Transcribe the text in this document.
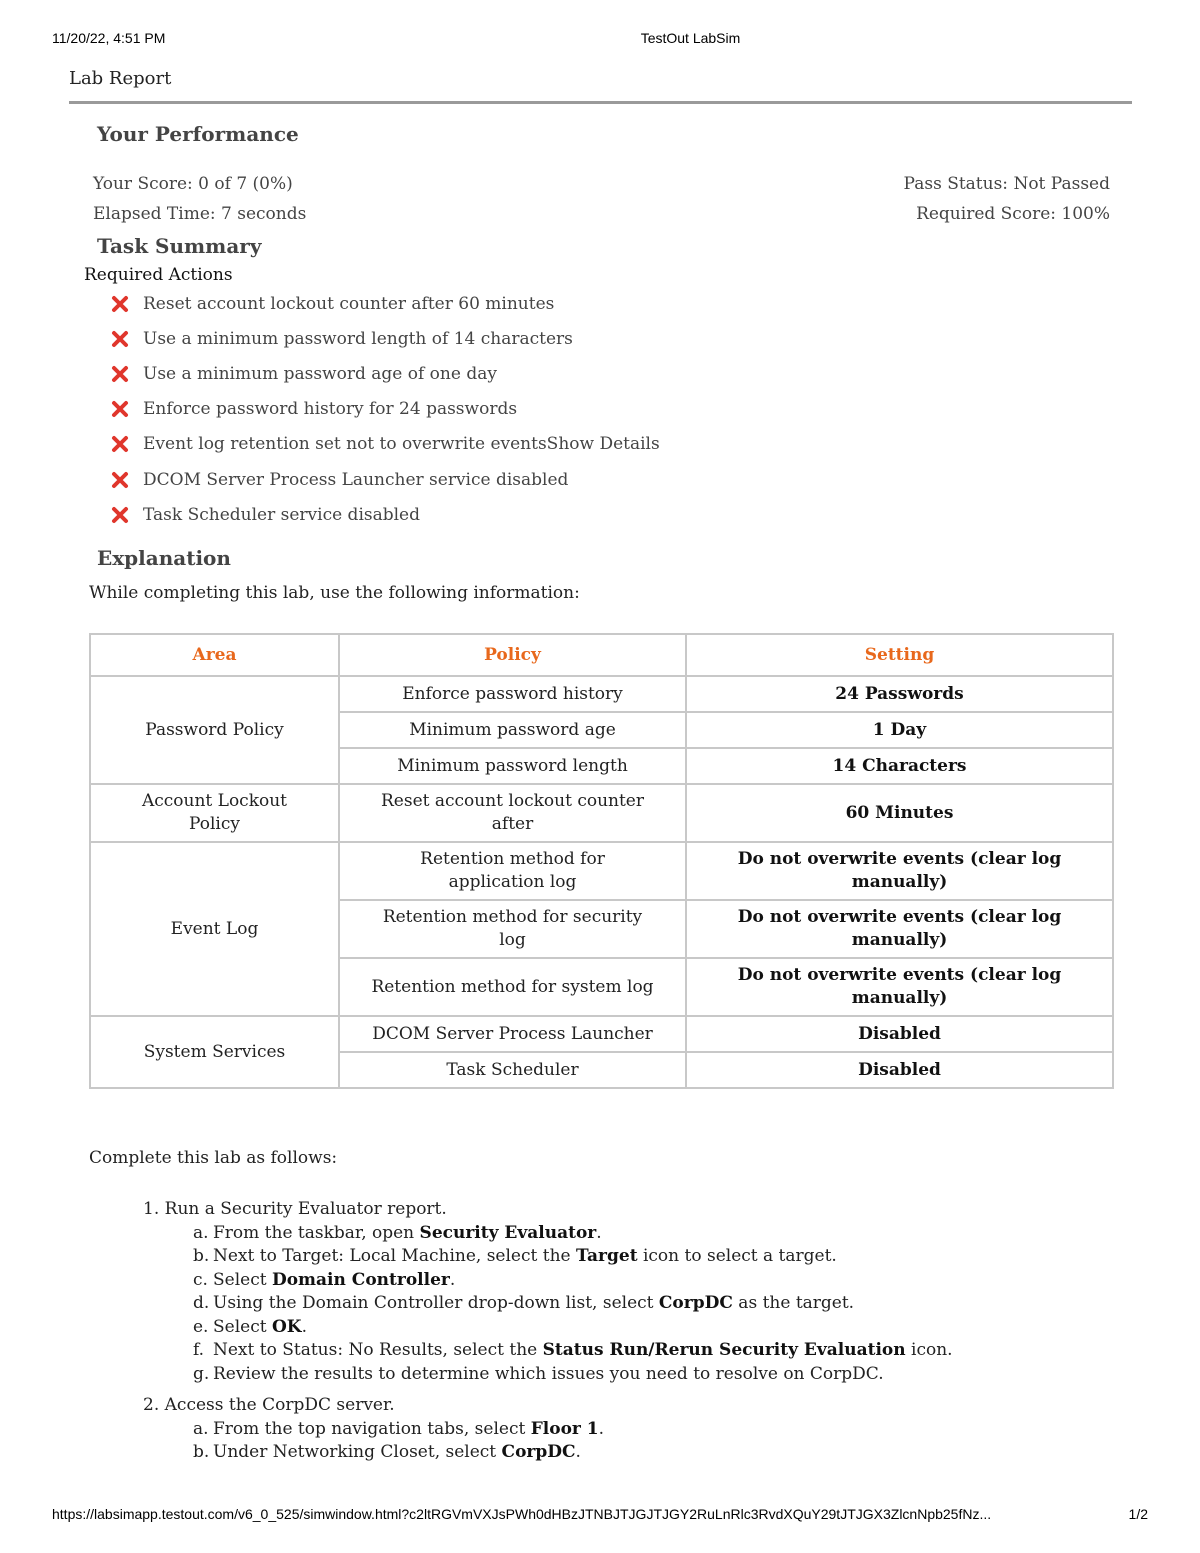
11/20/22, 4:51 PM	TestOut LabSim
Lab Report
Your Performance
Your Score: 0 of 7 (0%)
Elapsed Time: 7 seconds
Pass Status: Not Passed
Required Score: 100%
Task Summary
Required Actions
Reset account lockout counter after 60 minutes
Use a minimum password length of 14 characters
Use a minimum password age of one day
Enforce password history for 24 passwords
Event log retention set not to overwrite eventsShow Details
DCOM Server Process Launcher service disabled
Task Scheduler service disabled
Explanation
While completing this lab, use the following information:
Area	Policy	Setting
Password Policy	Enforce password history	24 Passwords
	Minimum password age	1 Day
	Minimum password length	14 Characters
Account Lockout Policy	Reset account lockout counter after	60 Minutes
Event Log	Retention method for application log	Do not overwrite events (clear log manually)
	Retention method for security log	Do not overwrite events (clear log manually)
	Retention method for system log	Do not overwrite events (clear log manually)
System Services	DCOM Server Process Launcher	Disabled
	Task Scheduler	Disabled
Complete this lab as follows:
1. Run a Security Evaluator report.
a. From the taskbar, open Security Evaluator.
b. Next to Target: Local Machine, select the Target icon to select a target.
c. Select Domain Controller.
d. Using the Domain Controller drop-down list, select CorpDC as the target.
e. Select OK.
f. Next to Status: No Results, select the Status Run/Rerun Security Evaluation icon.
g. Review the results to determine which issues you need to resolve on CorpDC.
2. Access the CorpDC server.
a. From the top navigation tabs, select Floor 1.
b. Under Networking Closet, select CorpDC.
https://labsimapp.testout.com/v6_0_525/simwindow.html?c2ltRGVmVXJsPWh0dHBzJTNBJTJGJTJGY2RuLnRlc3RvdXQuY29tJTJGX3ZlcnNpb25fNz...	1/2
